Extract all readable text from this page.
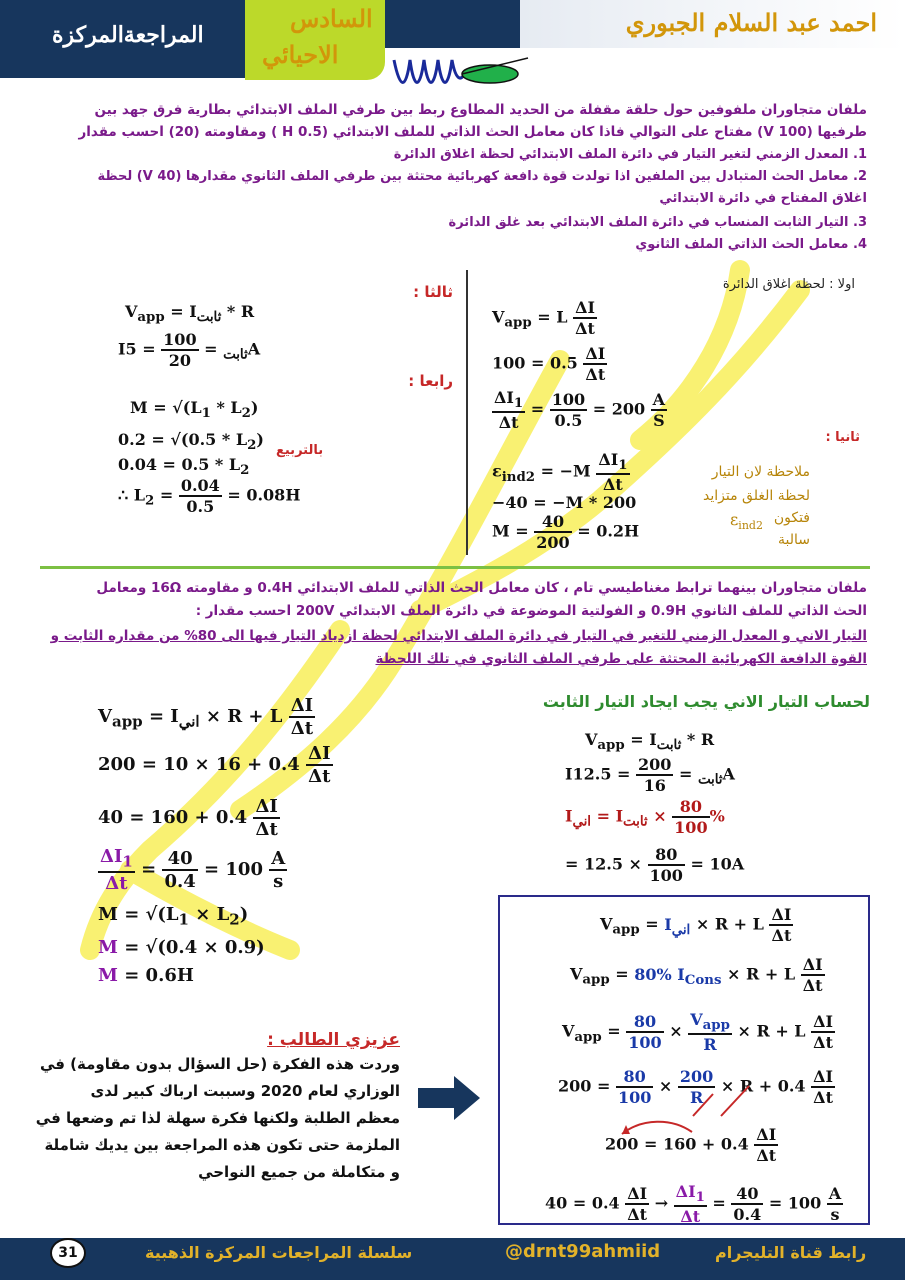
المراجعةالمركزة	احمد عبد السلام الجبوري
السادس
الاحيائي
ملفان متجاوران ملفوفين حول حلقة مقفلة من الحديد المطاوع ربط بين طرفي الملف الابتدائي بطارية فرق جهد بين
طرفيها (100 V) مفتاح على التوالي فاذا كان معامل الحث الذاتي للملف الابتدائي (0.5 H ) ومقاومته (20) احسب مقدار
1. المعدل الزمني لتغير التيار في دائرة الملف الابتدائي لحظة اغلاق الدائرة
2. معامل الحث المتبادل بين الملفين اذا تولدت قوة دافعة كهربائية محتثة بين طرفي الملف الثانوي مقدارها (40 V) لحظة
اغلاق المفتاح في دائرة الابتدائي
3. التيار الثابت المنساب في دائرة الملف الابتدائي بعد غلق الدائرة
4. معامل الحث الذاتي الملف الثانوي
اولا : لحظة اغلاق الدائرة
ثالثا :
رابعا :
ثانيا :
بالتربيع
ملاحظة لان التيار
لحظة الغلق متزايد
فتكون
$\varepsilon_{ind2}$
سالبة
$V_{app} = L \frac{\Delta I}{\Delta t}$
$100 = 0.5 \frac{\Delta I}{\Delta t}$
$\frac{\Delta I_1}{\Delta t} = \frac{100}{0.5} = 200 \frac{A}{S}$
$\varepsilon_{ind2} = -M \frac{\Delta I_1}{\Delta t}$
−40 = −M * 200
$M = \frac{40}{200} = 0.2H$
$V_{app} = I_{ثابت} * R$
I	$_{ثابت}$ =
$\frac{100}{20}$
= 5A
$M = √(L_1 * L_2)$
$0.2 = √(0.5 * L_2)$
$0.04 = 0.5 * L_2$
∴ $L_2 = \frac{0.04}{0.5} = 0.08H$
ملفان متجاوران بينهما ترابط مغناطيسي تام ، كان معامل الحث الذاتي للملف الابتدائي 0.4H و مقاومته 16Ω ومعامل
الحث الذاتي للملف الثانوي 0.9H و الفولتية الموضوعة في دائرة الملف الابتدائي 200V احسب مقدار :
التيار الاني و المعدل الزمني للتغير في التيار في دائرة الملف الابتدائي لحظة ازدياد التيار فيها الى 80% من مقداره الثابت و
القوة الدافعة الكهربائية المحتثة على طرفي الملف الثانوي في تلك اللحظة
لحساب التيار الاني يجب ايجاد التيار الثابت
$V_{app} = I_{ثابت} * R$
I	$_{ثابت}$ =
$\frac{200}{16}$
= 12.5A
$I_{اني} = I_{ثابت} \times \frac{80}{100}$ %
= $12.5 \times \frac{80}{100} = 10A$
$V_{app} = I_{اني} \times R + L \frac{\Delta I}{\Delta t}$
$200 = 10 \times 16 + 0.4 \frac{\Delta I}{\Delta t}$
$40 = 160 + 0.4 \frac{\Delta I}{\Delta t}$
$\frac{\Delta I_1}{\Delta t} = \frac{40}{0.4} = 100 \frac{A}{s}$
$M = √(L_1 \times L_2)$
M = √(0.4 × 0.9)
M = 0.6H
عزيزي الطالب :
وردت هذه الفكرة (حل السؤال بدون مقاومة) في
الوزاري لعام 2020 وسببت ارباك كبير لدى
معظم الطلبة ولكنها فكرة سهلة لذا تم وضعها في
الملزمة حتى تكون هذه المراجعة بين يديك شاملة
و متكاملة من جميع النواحي
$V_{app} = I_{اني} \times R + L \frac{\Delta I}{\Delta t}$
$V_{app} = 80\%$ $I_{Cons} \times R + L \frac{\Delta I}{\Delta t}$
$V_{app} = \frac{80}{100} \times \frac{V_{app}}{R} \times R + L \frac{\Delta I}{\Delta t}$
$200 = \frac{80}{100} \times \frac{200}{R} \times R + 0.4 \frac{\Delta I}{\Delta t}$
$200 = 160 + 0.4 \frac{\Delta I}{\Delta t}$
$40 = 0.4 \frac{\Delta I}{\Delta t} \to \frac{\Delta I_1}{\Delta t} = \frac{40}{0.4} = 100 \frac{A}{s}$
31	سلسلة المراجعات المركزة الذهبية	@drnt99ahmiid	رابط قناة التليجرام
